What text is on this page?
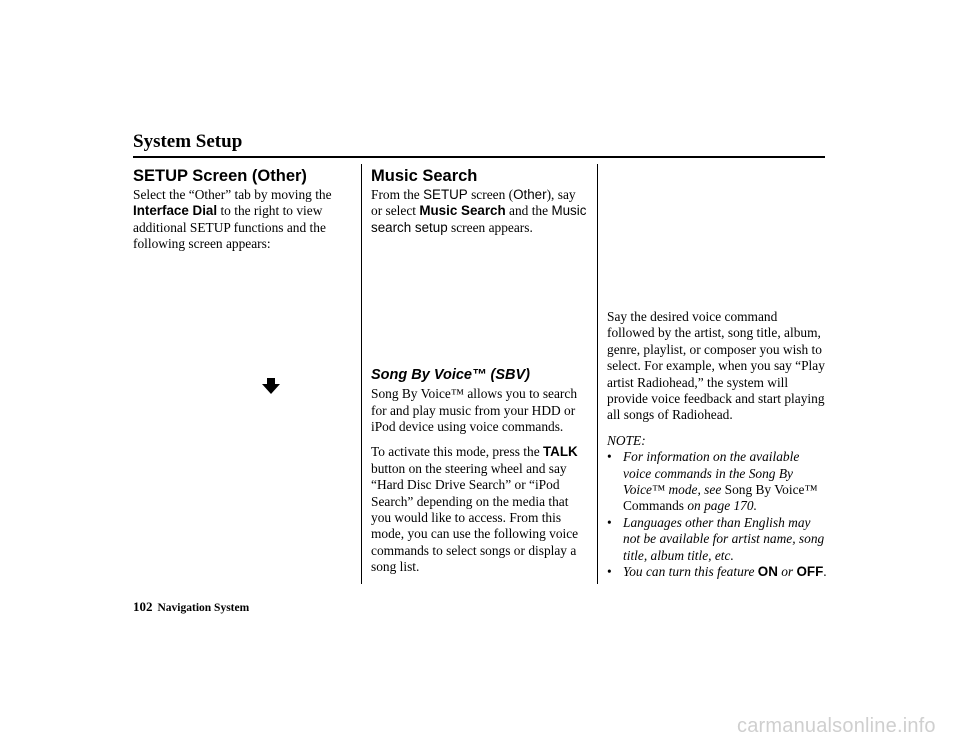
System Setup
SETUP Screen (Other)

Select the “Other” tab by moving the Interface Dial to the right to view additional SETUP functions and the following screen appears:

Music Search

From the SETUP screen (Other), say or select Music Search and the Music search setup screen appears.

Song By Voice™ (SBV)

Song By Voice™ allows you to search for and play music from your HDD or iPod device using voice commands.

To activate this mode, press the TALK button on the steering wheel and say “Hard Disc Drive Search” or “iPod Search” depending on the media that you would like to access. From this mode, you can use the following voice commands to select songs or display a song list.

Say the desired voice command followed by the artist, song title, album, genre, playlist, or composer you wish to select. For example, when you say “Play artist Radiohead,” the system will provide voice feedback and start playing all songs of Radiohead.

NOTE:

• For information on the available voice commands in the Song By Voice™ mode, see Song By Voice™ Commands on page 170.
• Languages other than English may not be available for artist name, song title, album title, etc.
• You can turn this feature ON or OFF.
102 Navigation System
carmanualsonline.info
